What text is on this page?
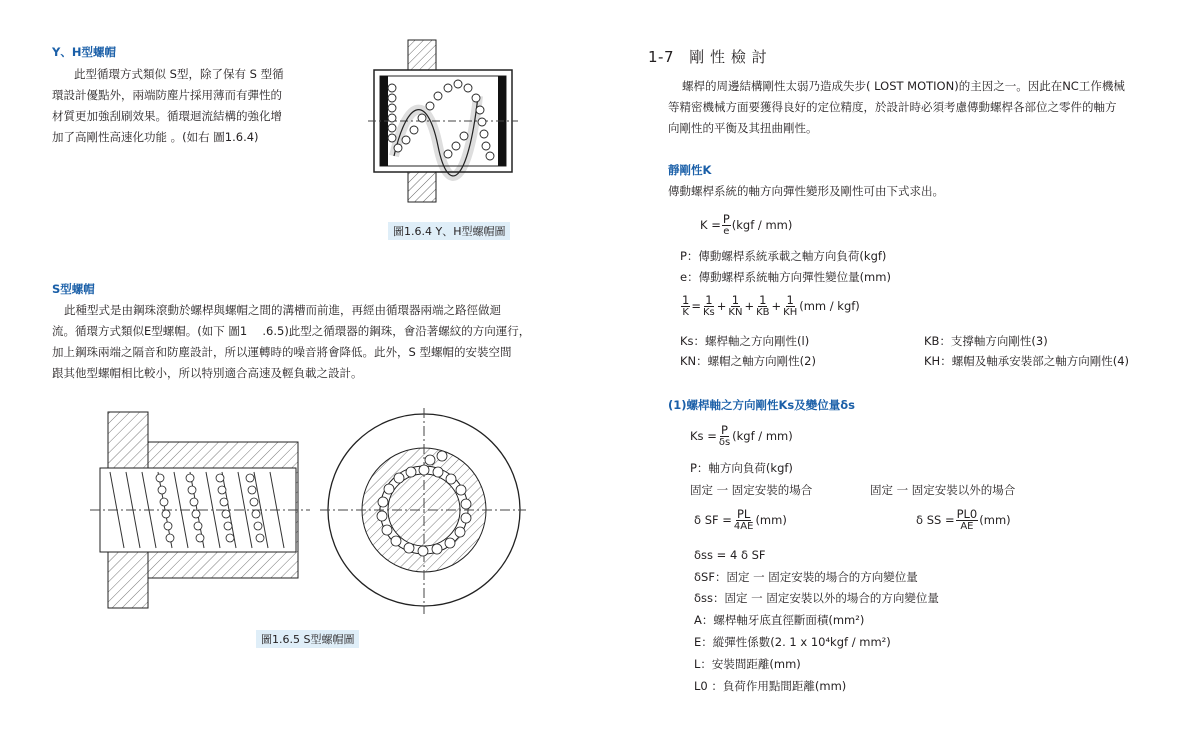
Y、H型螺帽
此型循環方式類似 S型，除了保有 S 型循
環設計優點外，兩端防塵片採用薄而有彈性的
材質更加強刮刷效果。循環迴流結構的強化增
加了高剛性高速化功能 。(如右 圖1.6.4)
圖1.6.4 Y、H型螺帽圖
S型螺帽
此種型式是由鋼珠滾動於螺桿與螺帽之間的溝槽而前進，再經由循環器兩端之路徑做迴
流。循環方式類似E型螺帽。(如下 圖1　 .6.5)此型之循環器的鋼珠，會沿著螺紋的方向運行，
加上鋼珠兩端之隔音和防塵設計，所以運轉時的噪音將會降低。此外，S 型螺帽的安裝空間
跟其他型螺帽相比較小，所以特別適合高速及輕負載之設計。
圖1.6.5 S型螺帽圖
1-7 剛 性 檢 討
螺桿的周邊結構剛性太弱乃造成失步( LOST MOTION)的主因之一。因此在NC工作機械
等精密機械方面要獲得良好的定位精度，於設計時必須考慮傳動螺桿各部位之零件的軸方
向剛性的平衡及其扭曲剛性。
靜剛性K
傳動螺桿系統的軸方向彈性變形及剛性可由下式求出。
$K = \frac{P}{e} (kgf / mm)$
P：傳動螺桿系統承載之軸方向負荷(kgf)
e：傳動螺桿系統軸方向彈性變位量(mm)
$\frac{1}{K} = \frac{1}{Ks} + \frac{1}{KN} + \frac{1}{KB} + \frac{1}{KH} (mm / kgf)$
Ks：螺桿軸之方向剛性(l)
KN：螺帽之軸方向剛性(2)
KB：支撐軸方向剛性(3)
KH：螺帽及軸承安裝部之軸方向剛性(4)
(1)螺桿軸之方向剛性Ks及變位量δs
$Ks = \frac{P}{\delta s} (kgf / mm)$
P：軸方向負荷(kgf)
固定 一 固定安裝的場合	固定 一 固定安裝以外的場合
δ SF = $\frac{PL}{4AE} (mm)$	δ SS = $\frac{PL0}{AE} (mm)$
δss = 4 δ SF
δSF：固定 一 固定安裝的場合的方向變位量
δss：固定 一 固定安裝以外的場合的方向變位量
A：螺桿軸牙底直徑斷面積(mm²)
E：縱彈性係數(2. 1 x 10⁴kgf / mm²)
L：安裝間距離(mm)
L0 ：負荷作用點間距離(mm)
